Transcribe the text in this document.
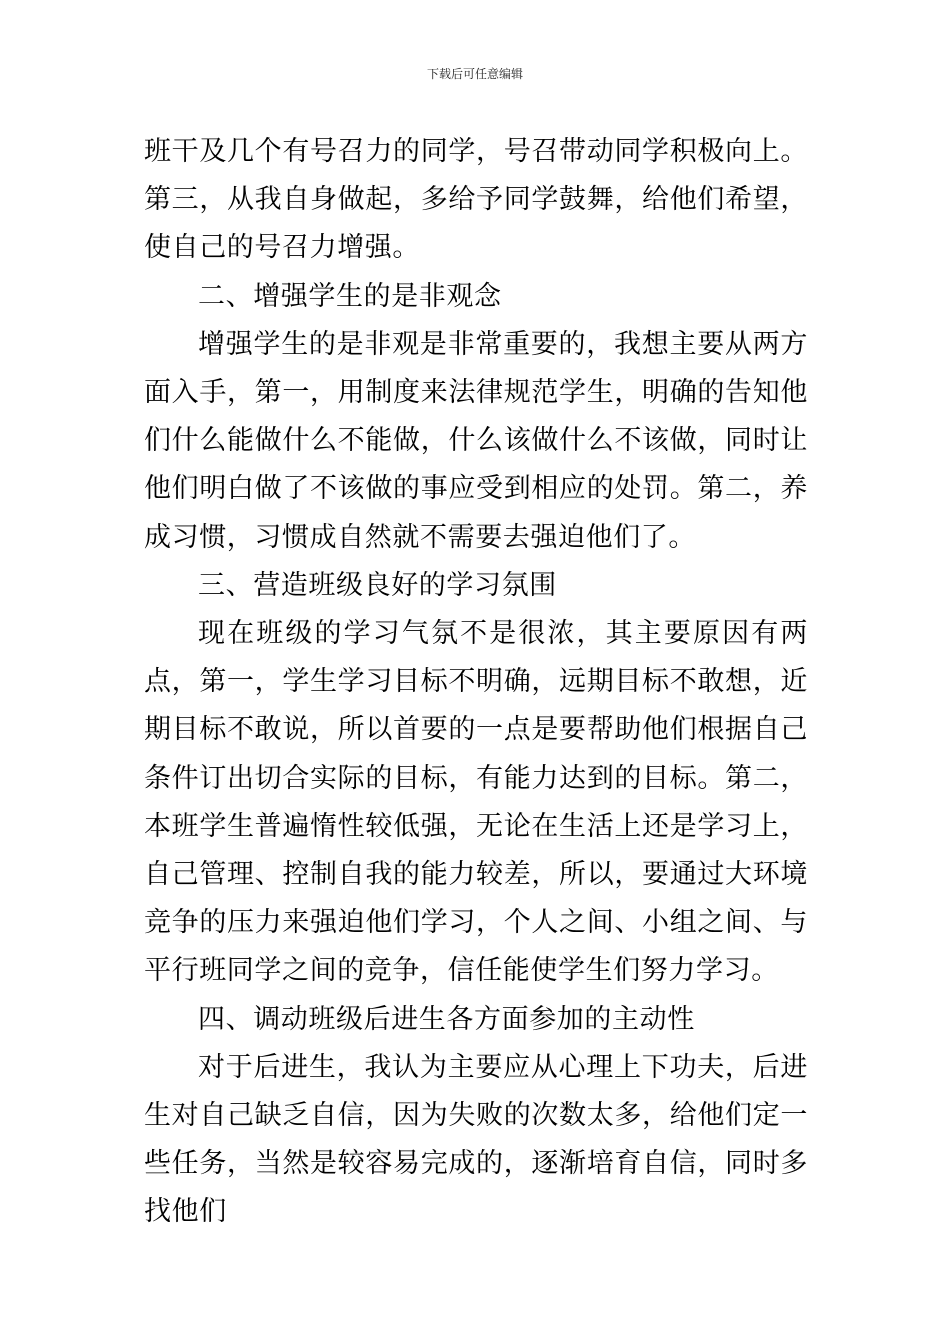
下载后可任意编辑

班干及几个有号召力的同学，号召带动同学积极向上。第三，从我自身做起，多给予同学鼓舞，给他们希望，使自己的号召力增强。

二、增强学生的是非观念

增强学生的是非观是非常重要的，我想主要从两方面入手，第一，用制度来法律规范学生，明确的告知他们什么能做什么不能做，什么该做什么不该做，同时让他们明白做了不该做的事应受到相应的处罚。第二，养成习惯，习惯成自然就不需要去强迫他们了。

三、营造班级良好的学习氛围

现在班级的学习气氛不是很浓，其主要原因有两点，第一，学生学习目标不明确，远期目标不敢想，近期目标不敢说，所以首要的一点是要帮助他们根据自己条件订出切合实际的目标，有能力达到的目标。第二，本班学生普遍惰性较低强，无论在生活上还是学习上，自己管理、控制自我的能力较差，所以，要通过大环境竞争的压力来强迫他们学习，个人之间、小组之间、与平行班同学之间的竞争，信任能使学生们努力学习。

四、调动班级后进生各方面参加的主动性

对于后进生，我认为主要应从心理上下功夫，后进生对自己缺乏自信，因为失败的次数太多，给他们定一些任务，当然是较容易完成的，逐渐培育自信，同时多找他们
